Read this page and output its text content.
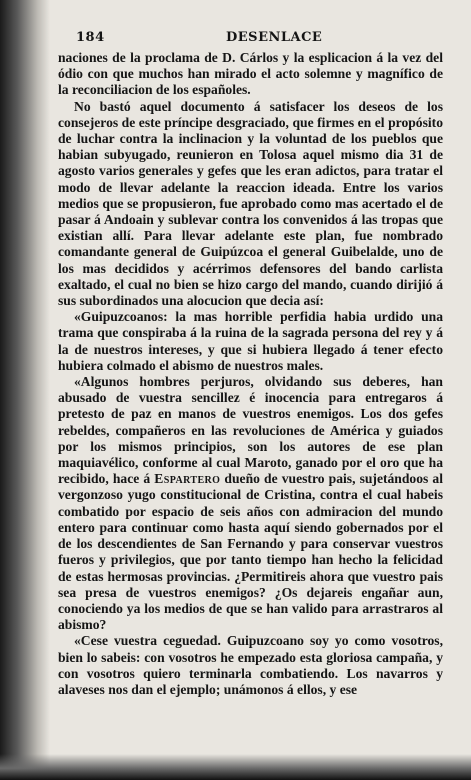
184	DESENLACE

naciones de la proclama de D. Cárlos y la esplicacion á la vez del ódio con que muchos han mirado el acto solemne y magnífico de la reconciliacion de los españoles.

No bastó aquel documento á satisfacer los deseos de los consejeros de este príncipe desgraciado, que firmes en el propósito de luchar contra la inclinacion y la voluntad de los pueblos que habian subyugado, reunieron en Tolosa aquel mismo dia 31 de agosto varios generales y gefes que les eran adictos, para tratar el modo de llevar adelante la reaccion ideada. Entre los varios medios que se propusieron, fue aprobado como mas acertado el de pasar á Andoain y sublevar contra los convenidos á las tropas que existian allí. Para llevar adelante este plan, fue nombrado comandante general de Guipúzcoa el general Guibelalde, uno de los mas decididos y acérrimos defensores del bando carlista exaltado, el cual no bien se hizo cargo del mando, cuando dirijió á sus subordinados una alocucion que decia así:

«Guipuzcoanos: la mas horrible perfidia habia urdido una trama que conspiraba á la ruina de la sagrada persona del rey y á la de nuestros intereses, y que si hubiera llegado á tener efecto hubiera colmado el abismo de nuestros males.

«Algunos hombres perjuros, olvidando sus deberes, han abusado de vuestra sencillez é inocencia para entregaros á pretesto de paz en manos de vuestros enemigos. Los dos gefes rebeldes, compañeros en las revoluciones de América y guiados por los mismos principios, son los autores de ese plan maquiavélico, conforme al cual Maroto, ganado por el oro que ha recibido, hace á Espartero dueño de vuestro pais, sujetándoos al vergonzoso yugo constitucional de Cristina, contra el cual habeis combatido por espacio de seis años con admiracion del mundo entero para continuar como hasta aquí siendo gobernados por el de los descendientes de San Fernando y para conservar vuestros fueros y privilegios, que por tanto tiempo han hecho la felicidad de estas hermosas provincias. ¿Permitireis ahora que vuestro pais sea presa de vuestros enemigos? ¿Os dejareis engañar aun, conociendo ya los medios de que se han valido para arrastraros al abismo?

«Cese vuestra ceguedad. Guipuzcoano soy yo como vosotros, bien lo sabeis: con vosotros he empezado esta gloriosa campaña, y con vosotros quiero terminarla combatiendo. Los navarros y alaveses nos dan el ejemplo; unámonos á ellos, y ese
